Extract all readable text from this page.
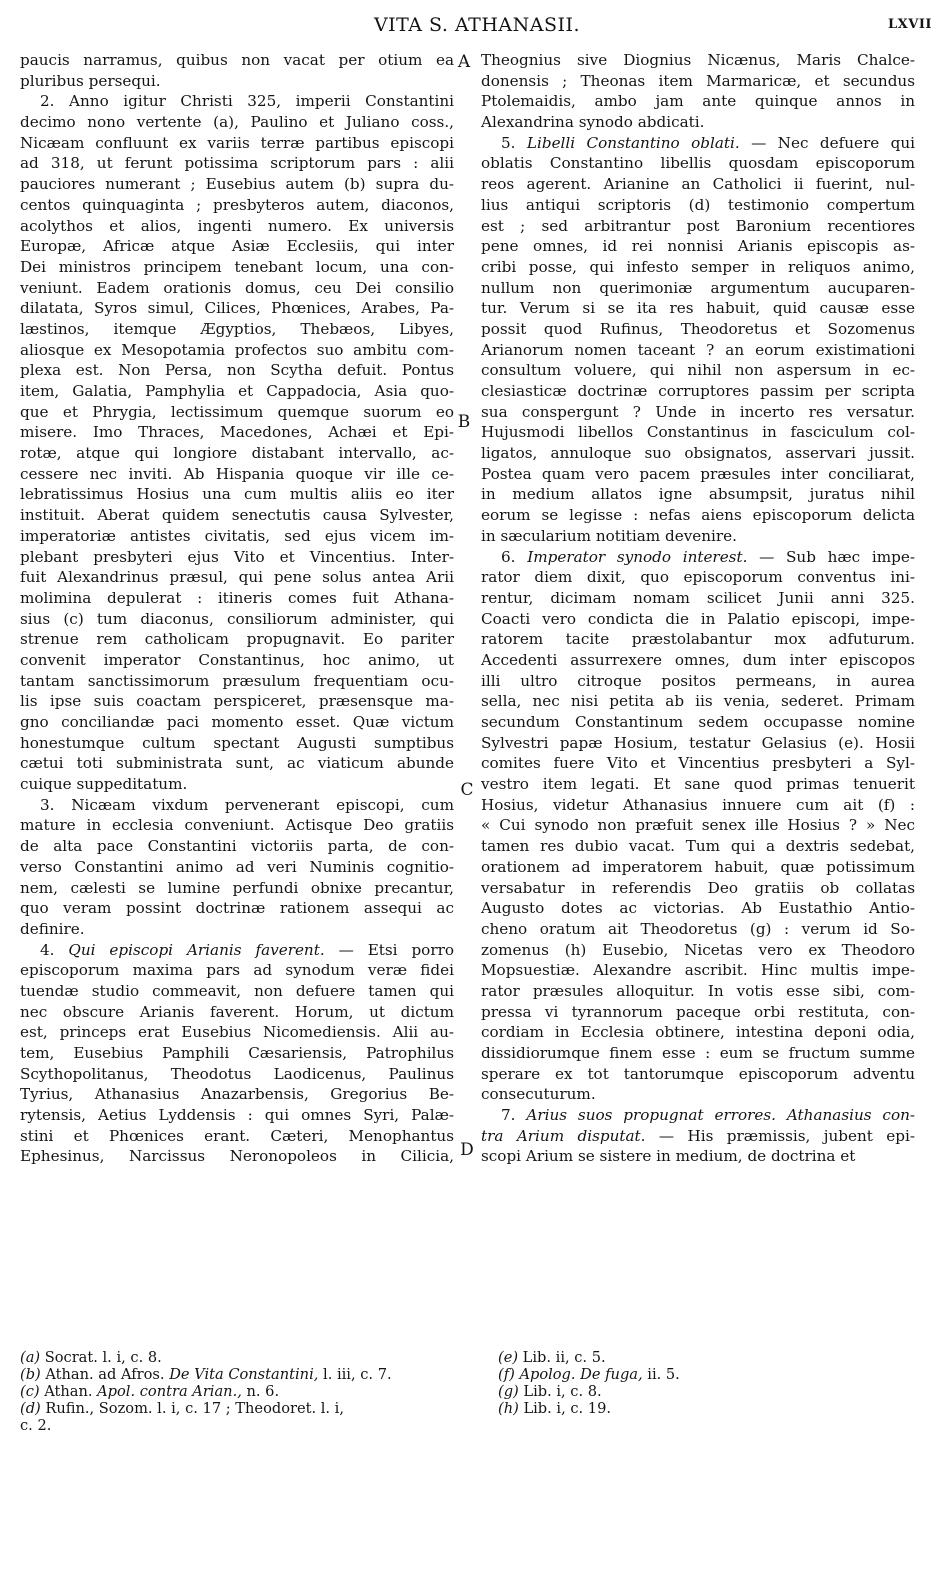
VITA S. ATHANASII.	LXVII
A
B
C
D
paucis narramus, quibus non vacat per otium ea
pluribus persequi.
2. Anno igitur Christi 325, imperii Constantini
decimo nono vertente (a), Paulino et Juliano coss.,
Nicæam confluunt ex variis terræ partibus episcopi
ad 318, ut ferunt potissima scriptorum pars : alii
pauciores numerant ; Eusebius autem (b) supra du-
centos quinquaginta ; presbyteros autem, diaconos,
acolythos et alios, ingenti numero. Ex universis
Europæ, Africæ atque Asiæ Ecclesiis, qui inter
Dei ministros principem tenebant locum, una con-
veniunt. Eadem orationis domus, ceu Dei consilio
dilatata, Syros simul, Cilices, Phœnices, Arabes, Pa-
læstinos, itemque Ægyptios, Thebæos, Libyes,
aliosque ex Mesopotamia profectos suo ambitu com-
plexa est. Non Persa, non Scytha defuit. Pontus
item, Galatia, Pamphylia et Cappadocia, Asia quo-
que et Phrygia, lectissimum quemque suorum eo
misere. Imo Thraces, Macedones, Achæi et Epi-
rotæ, atque qui longiore distabant intervallo, ac-
cessere nec inviti. Ab Hispania quoque vir ille ce-
lebratissimus Hosius una cum multis aliis eo iter
instituit. Aberat quidem senectutis causa Sylvester,
imperatoriæ antistes civitatis, sed ejus vicem im-
plebant presbyteri ejus Vito et Vincentius. Inter-
fuit Alexandrinus præsul, qui pene solus antea Arii
molimina depulerat : itineris comes fuit Athana-
sius (c) tum diaconus, consiliorum administer, qui
strenue rem catholicam propugnavit. Eo pariter
convenit imperator Constantinus, hoc animo, ut
tantam sanctissimorum præsulum frequentiam ocu-
lis ipse suis coactam perspiceret, præsensque ma-
gno conciliandæ paci momento esset. Quæ victum
honestumque cultum spectant Augusti sumptibus
cætui toti subministrata sunt, ac viaticum abunde
cuique suppeditatum.
3. Nicæam vixdum pervenerant episcopi, cum
mature in ecclesia conveniunt. Actisque Deo gratiis
de alta pace Constantini victoriis parta, de con-
verso Constantini animo ad veri Numinis cognitio-
nem, cælesti se lumine perfundi obnixe precantur,
quo veram possint doctrinæ rationem assequi ac
definire.
4. Qui episcopi Arianis faverent. — Etsi porro
episcoporum maxima pars ad synodum veræ fidei
tuendæ studio commeavit, non defuere tamen qui
nec obscure Arianis faverent. Horum, ut dictum
est, princeps erat Eusebius Nicomediensis. Alii au-
tem, Eusebius Pamphili Cæsariensis, Patrophilus
Scythopolitanus, Theodotus Laodicenus, Paulinus
Tyrius, Athanasius Anazarbensis, Gregorius Be-
rytensis, Aetius Lyddensis : qui omnes Syri, Palæ-
stini et Phœnices erant. Cæteri, Menophantus
Ephesinus, Narcissus Neronopoleos in Cilicia,
Theognius sive Diognius Nicænus, Maris Chalce-
donensis ; Theonas item Marmaricæ, et secundus
Ptolemaidis, ambo jam ante quinque annos in
Alexandrina synodo abdicati.
5. Libelli Constantino oblati. — Nec defuere qui
oblatis Constantino libellis quosdam episcoporum
reos agerent. Arianine an Catholici ii fuerint, nul-
lius antiqui scriptoris (d) testimonio compertum
est ; sed arbitrantur post Baronium recentiores
pene omnes, id rei nonnisi Arianis episcopis as-
cribi posse, qui infesto semper in reliquos animo,
nullum non querimoniæ argumentum aucuparen-
tur. Verum si se ita res habuit, quid causæ esse
possit quod Rufinus, Theodoretus et Sozomenus
Arianorum nomen taceant ? an eorum existimationi
consultum voluere, qui nihil non aspersum in ec-
clesiasticæ doctrinæ corruptores passim per scripta
sua conspergunt ? Unde in incerto res versatur.
Hujusmodi libellos Constantinus in fasciculum col-
ligatos, annuloque suo obsignatos, asservari jussit.
Postea quam vero pacem præsules inter conciliarat,
in medium allatos igne absumpsit, juratus nihil
eorum se legisse : nefas aiens episcoporum delicta
in sæcularium notitiam devenire.
6. Imperator synodo interest. — Sub hæc impe-
rator diem dixit, quo episcoporum conventus ini-
rentur, dicimam nomam scilicet Junii anni 325.
Coacti vero condicta die in Palatio episcopi, impe-
ratorem tacite præstolabantur mox adfuturum.
Accedenti assurrexere omnes, dum inter episcopos
illi ultro citroque positos permeans, in aurea
sella, nec nisi petita ab iis venia, sederet. Primam
secundum Constantinum sedem occupasse nomine
Sylvestri papæ Hosium, testatur Gelasius (e). Hosii
comites fuere Vito et Vincentius presbyteri a Syl-
vestro item legati. Et sane quod primas tenuerit
Hosius, videtur Athanasius innuere cum ait (f) :
« Cui synodo non præfuit senex ille Hosius ? » Nec
tamen res dubio vacat. Tum qui a dextris sedebat,
orationem ad imperatorem habuit, quæ potissimum
versabatur in referendis Deo gratiis ob collatas
Augusto dotes ac victorias. Ab Eustathio Antio-
cheno oratum ait Theodoretus (g) : verum id So-
zomenus (h) Eusebio, Nicetas vero ex Theodoro
Mopsuestiæ. Alexandre ascribit. Hinc multis impe-
rator præsules alloquitur. In votis esse sibi, com-
pressa vi tyrannorum paceque orbi restituta, con-
cordiam in Ecclesia obtinere, intestina deponi odia,
dissidiorumque finem esse : eum se fructum summe
sperare ex tot tantorumque episcoporum adventu
consecuturum.
7. Arius suos propugnat errores. Athanasius con-
tra Arium disputat. — His præmissis, jubent epi-
scopi Arium se sistere in medium, de doctrina et
(a) Socrat. l. i, c. 8.
(b) Athan. ad Afros. De Vita Constantini, l. iii, c. 7.
(c) Athan. Apol. contra Arian., n. 6.
(d) Rufin., Sozom. l. i, c. 17 ; Theodoret. l. i,
c. 2.
(e) Lib. ii, c. 5.
(f) Apolog. De fuga, ii. 5.
(g) Lib. i, c. 8.
(h) Lib. i, c. 19.
